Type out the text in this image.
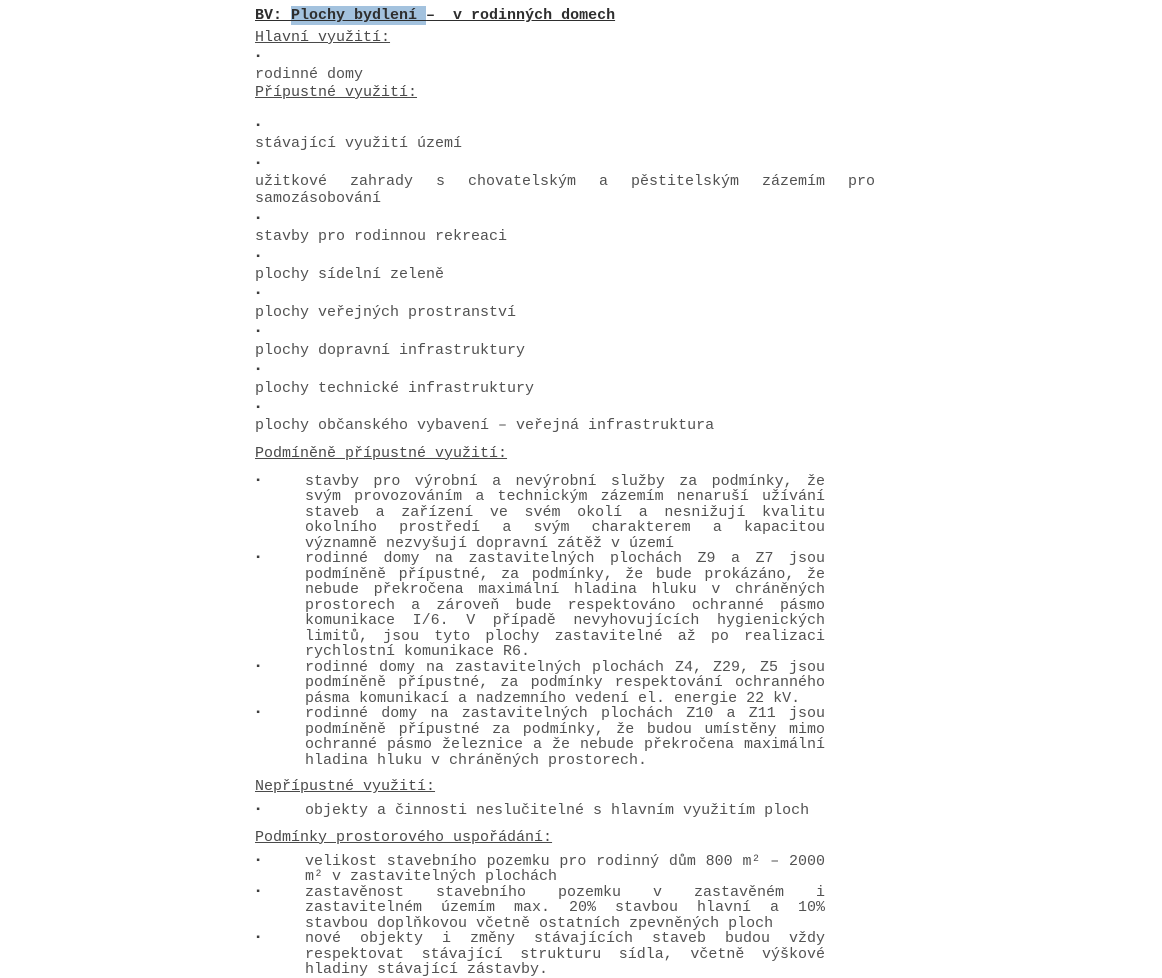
BV: Plochy bydlení –  v rodinných domech
Hlavní využití:
▪

rodinné domy

Přípustné využití:
▪

stávající využití území

▪

užitkové zahrady s chovatelským a pěstitelským zázemím pro samozásobování

▪

stavby pro rodinnou rekreaci

▪

plochy sídelní zeleně

▪

plochy veřejných prostranství

▪

plochy dopravní infrastruktury

▪

plochy technické infrastruktury

▪

plochy občanského vybavení – veřejná infrastruktura

Podmíněně přípustné využití:
▪	stavby pro výrobní a nevýrobní služby za podmínky, že svým provozováním a technickým zázemím nenaruší užívání staveb a zařízení ve svém okolí a nesnižují kvalitu okolního prostředí a svým charakterem a kapacitou významně nezvyšují dopravní zátěž v území

▪	rodinné domy na zastavitelných plochách Z9 a Z7 jsou podmíněně přípustné, za podmínky, že bude prokázáno, že nebude překročena maximální hladina hluku v chráněných prostorech a zároveň bude respektováno ochranné pásmo komunikace I/6. V případě nevyhovujících hygienických limitů, jsou tyto plochy zastavitelné až po realizaci rychlostní komunikace R6.

▪	rodinné domy na zastavitelných plochách Z4, Z29, Z5 jsou podmíněně přípustné, za podmínky respektování ochranného pásma komunikací a nadzemního vedení el. energie 22 kV.

▪	rodinné domy na zastavitelných plochách Z10 a Z11 jsou podmíněně přípustné za podmínky, že budou umístěny mimo ochranné pásmo železnice a že nebude překročena maximální hladina hluku v chráněných prostorech.

Nepřípustné využití:
▪	objekty a činnosti neslučitelné s hlavním využitím ploch

Podmínky prostorového uspořádání:
▪	velikost stavebního pozemku pro rodinný dům 800 m² – 2000 m² v zastavitelných plochách

▪	zastavěnost stavebního pozemku v zastavěném i zastavitelném územím max. 20% stavbou hlavní a 10% stavbou doplňkovou včetně ostatních zpevněných ploch

▪	nové objekty i změny stávajících staveb budou vždy respektovat stávající strukturu sídla, včetně výškové hladiny stávající zástavby.
